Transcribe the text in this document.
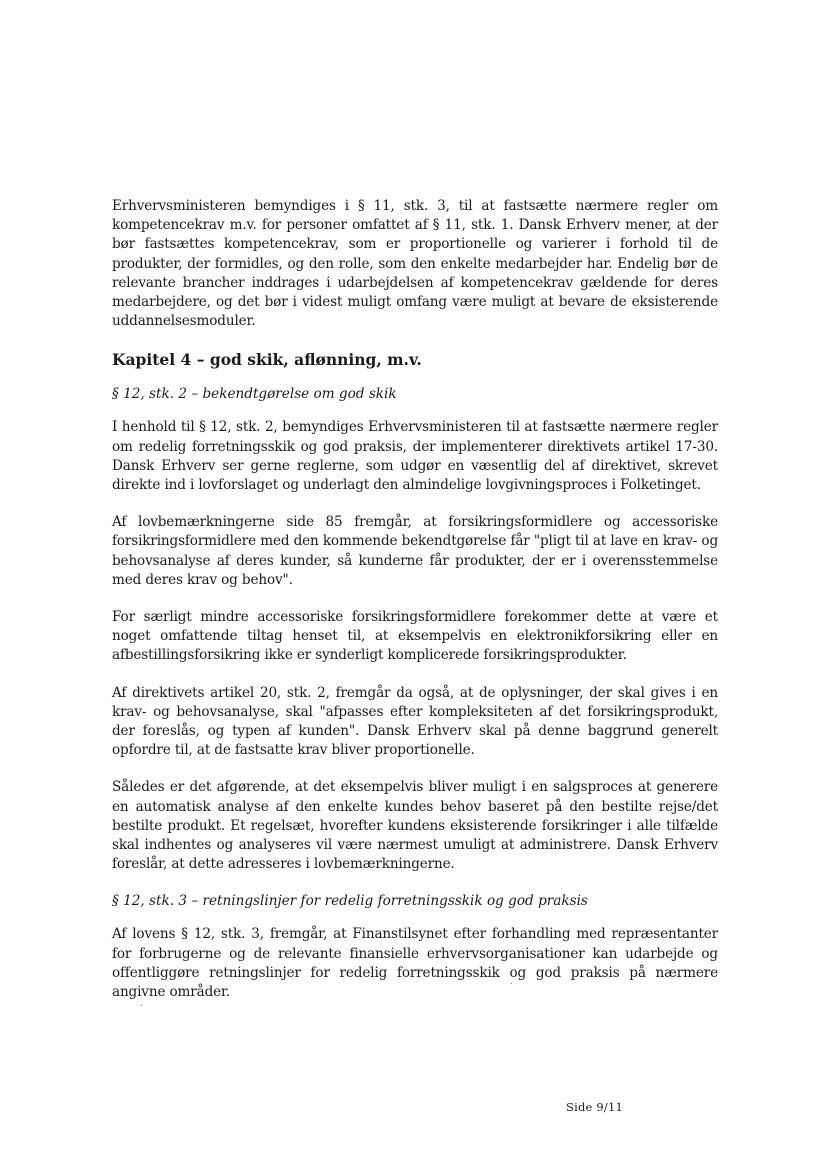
Erhvervsministeren bemyndiges i § 11, stk. 3, til at fastsætte nærmere regler om kompetencekrav m.v. for personer omfattet af § 11, stk. 1. Dansk Erhverv mener, at der bør fastsættes kompetencekrav, som er proportionelle og varierer i forhold til de produkter, der formidles, og den rolle, som den enkelte medarbejder har. Endelig bør de relevante brancher inddrages i udarbejdelsen af kompetencekrav gældende for deres medarbejdere, og det bør i videst muligt omfang være muligt at bevare de eksisterende uddannelsesmoduler.

Kapitel 4 – god skik, aflønning, m.v.

§ 12, stk. 2 – bekendtgørelse om god skik

I henhold til § 12, stk. 2, bemyndiges Erhvervsministeren til at fastsætte nærmere regler om redelig forretningsskik og god praksis, der implementerer direktivets artikel 17-30. Dansk Erhverv ser gerne reglerne, som udgør en væsentlig del af direktivet, skrevet direkte ind i lovforslaget og underlagt den almindelige lovgivningsproces i Folketinget.

Af lovbemærkningerne side 85 fremgår, at forsikringsformidlere og accessoriske forsikringsformidlere med den kommende bekendtgørelse får "pligt til at lave en krav- og behovsanalyse af deres kunder, så kunderne får produkter, der er i overensstemmelse med deres krav og behov".

For særligt mindre accessoriske forsikringsformidlere forekommer dette at være et noget omfattende tiltag henset til, at eksempelvis en elektronikforsikring eller en afbestillingsforsikring ikke er synderligt komplicerede forsikringsprodukter.

Af direktivets artikel 20, stk. 2, fremgår da også, at de oplysninger, der skal gives i en krav- og behovsanalyse, skal "afpasses efter kompleksiteten af det forsikringsprodukt, der foreslås, og typen af kunden". Dansk Erhverv skal på denne baggrund generelt opfordre til, at de fastsatte krav bliver proportionelle.

Således er det afgørende, at det eksempelvis bliver muligt i en salgsproces at generere en automatisk analyse af den enkelte kundes behov baseret på den bestilte rejse/det bestilte produkt. Et regelsæt, hvorefter kundens eksisterende forsikringer i alle tilfælde skal indhentes og analyseres vil være nærmest umuligt at administrere. Dansk Erhverv foreslår, at dette adresseres i lovbemærkningerne.

§ 12, stk. 3 – retningslinjer for redelig forretningsskik og god praksis

Af lovens § 12, stk. 3, fremgår, at Finanstilsynet efter forhandling med repræsentanter for forbrugerne og de relevante finansielle erhvervsorganisationer kan udarbejde og offentliggøre retningslinjer for redelig forretningsskik og god praksis på nærmere angivne områder.

Side 9/11
